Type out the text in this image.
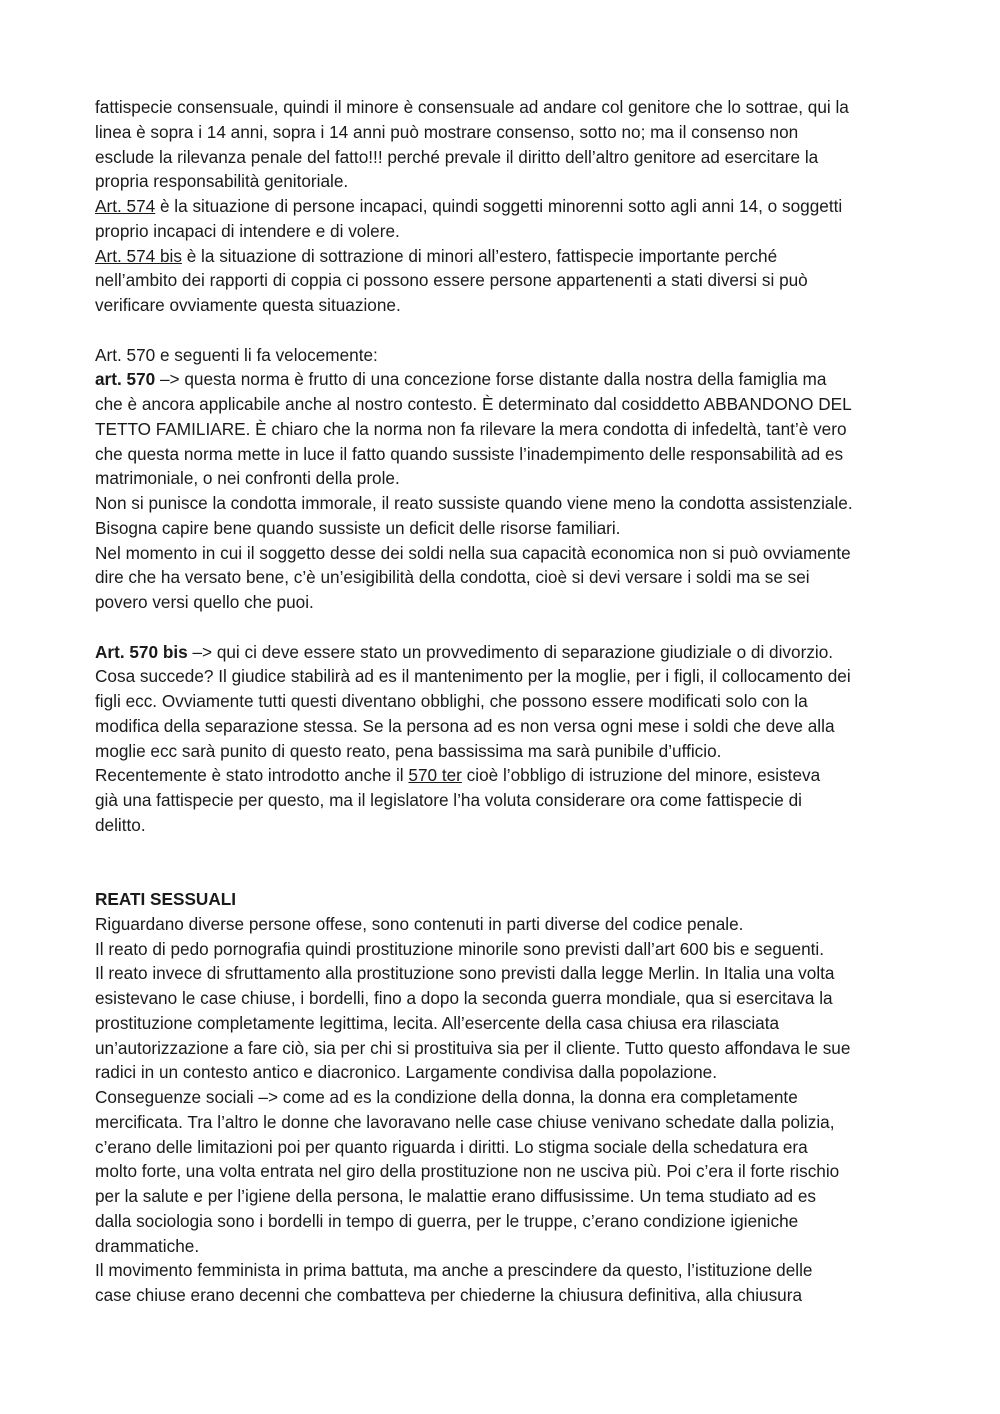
fattispecie consensuale, quindi il minore è consensuale ad andare col genitore che lo sottrae, qui la
linea è sopra i 14 anni, sopra i 14 anni può mostrare consenso, sotto no; ma il consenso non
esclude la rilevanza penale del fatto!!! perché prevale il diritto dell’altro genitore ad esercitare la
propria responsabilità genitoriale.
Art. 574 è la situazione di persone incapaci, quindi soggetti minorenni sotto agli anni 14, o soggetti
proprio incapaci di intendere e di volere.
Art. 574 bis è la situazione di sottrazione di minori all’estero, fattispecie importante perché
nell’ambito dei rapporti di coppia ci possono essere persone appartenenti a stati diversi si può
verificare ovviamente questa situazione.
Art. 570 e seguenti li fa velocemente:
art. 570 –> questa norma è frutto di una concezione forse distante dalla nostra della famiglia ma
che è ancora applicabile anche al nostro contesto. È determinato dal cosiddetto ABBANDONO DEL
TETTO FAMILIARE. È chiaro che la norma non fa rilevare la mera condotta di infedeltà, tant’è vero
che questa norma mette in luce il fatto quando sussiste l’inadempimento delle responsabilità ad es
matrimoniale, o nei confronti della prole.
Non si punisce la condotta immorale, il reato sussiste quando viene meno la condotta assistenziale.
Bisogna capire bene quando sussiste un deficit delle risorse familiari.
Nel momento in cui il soggetto desse dei soldi nella sua capacità economica non si può ovviamente
dire che ha versato bene, c’è un’esigibilità della condotta, cioè si devi versare i soldi ma se sei
povero versi quello che puoi.
Art. 570 bis –> qui ci deve essere stato un provvedimento di separazione giudiziale o di divorzio.
Cosa succede? Il giudice stabilirà ad es il mantenimento per la moglie, per i figli, il collocamento dei
figli ecc. Ovviamente tutti questi diventano obblighi, che possono essere modificati solo con la
modifica della separazione stessa. Se la persona ad es non versa ogni mese i soldi che deve alla
moglie ecc sarà punito di questo reato, pena bassissima ma sarà punibile d’ufficio.
Recentemente è stato introdotto anche il 570 ter cioè l’obbligo di istruzione del minore, esisteva
già una fattispecie per questo, ma il legislatore l’ha voluta considerare ora come fattispecie di
delitto.
REATI SESSUALI
Riguardano diverse persone offese, sono contenuti in parti diverse del codice penale.
Il reato di pedo pornografia quindi prostituzione minorile sono previsti dall’art 600 bis e seguenti.
Il reato invece di sfruttamento alla prostituzione sono previsti dalla legge Merlin. In Italia una volta
esistevano le case chiuse, i bordelli, fino a dopo la seconda guerra mondiale, qua si esercitava la
prostituzione completamente legittima, lecita. All’esercente della casa chiusa era rilasciata
un’autorizzazione a fare ciò, sia per chi si prostituiva sia per il cliente. Tutto questo affondava le sue
radici in un contesto antico e diacronico. Largamente condivisa dalla popolazione.
Conseguenze sociali –> come ad es la condizione della donna, la donna era completamente
mercificata. Tra l’altro le donne che lavoravano nelle case chiuse venivano schedate dalla polizia,
c’erano delle limitazioni poi per quanto riguarda i diritti. Lo stigma sociale della schedatura era
molto forte, una volta entrata nel giro della prostituzione non ne usciva più. Poi c’era il forte rischio
per la salute e per l’igiene della persona, le malattie erano diffusissime. Un tema studiato ad es
dalla sociologia sono i bordelli in tempo di guerra, per le truppe, c’erano condizione igieniche
drammatiche.
Il movimento femminista in prima battuta, ma anche a prescindere da questo, l’istituzione delle
case chiuse erano decenni che combatteva per chiederne la chiusura definitiva, alla chiusura
